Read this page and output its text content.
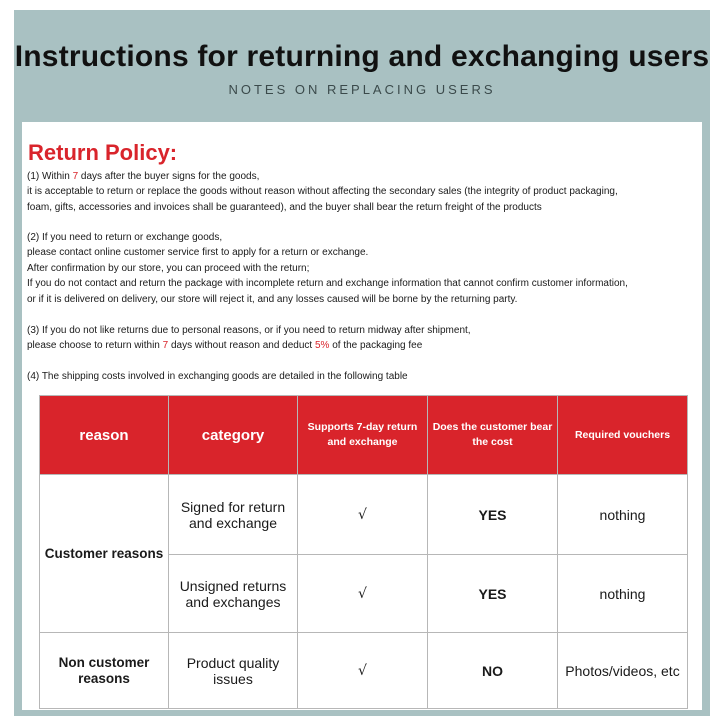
Instructions for returning and exchanging users
NOTES ON REPLACING USERS
Return Policy:
(1) Within 7 days after the buyer signs for the goods,
it is acceptable to return or replace the goods without reason without affecting the secondary sales (the integrity of product packaging,
foam, gifts, accessories and invoices shall be guaranteed), and the buyer shall bear the return freight of the products
(2) If you need to return or exchange goods,
please contact online customer service first to apply for a return or exchange.
After confirmation by our store, you can proceed with the return;
If you do not contact and return the package with incomplete return and exchange information that cannot confirm customer information,
or if it is delivered on delivery, our store will reject it, and any losses caused will be borne by the returning party.
(3) If you do not like returns due to personal reasons, or if you need to return midway after shipment,
please choose to return within 7 days without reason and deduct 5% of the packaging fee
(4) The shipping costs involved in exchanging goods are detailed in the following table
reason	category	Supports 7-day return and exchange	Does the customer bear the cost	Required vouchers
Customer reasons	Signed for return and exchange	√	YES	nothing
	Unsigned returns and exchanges	√	YES	nothing
Non customer reasons	Product quality issues	√	NO	Photos/videos, etc
